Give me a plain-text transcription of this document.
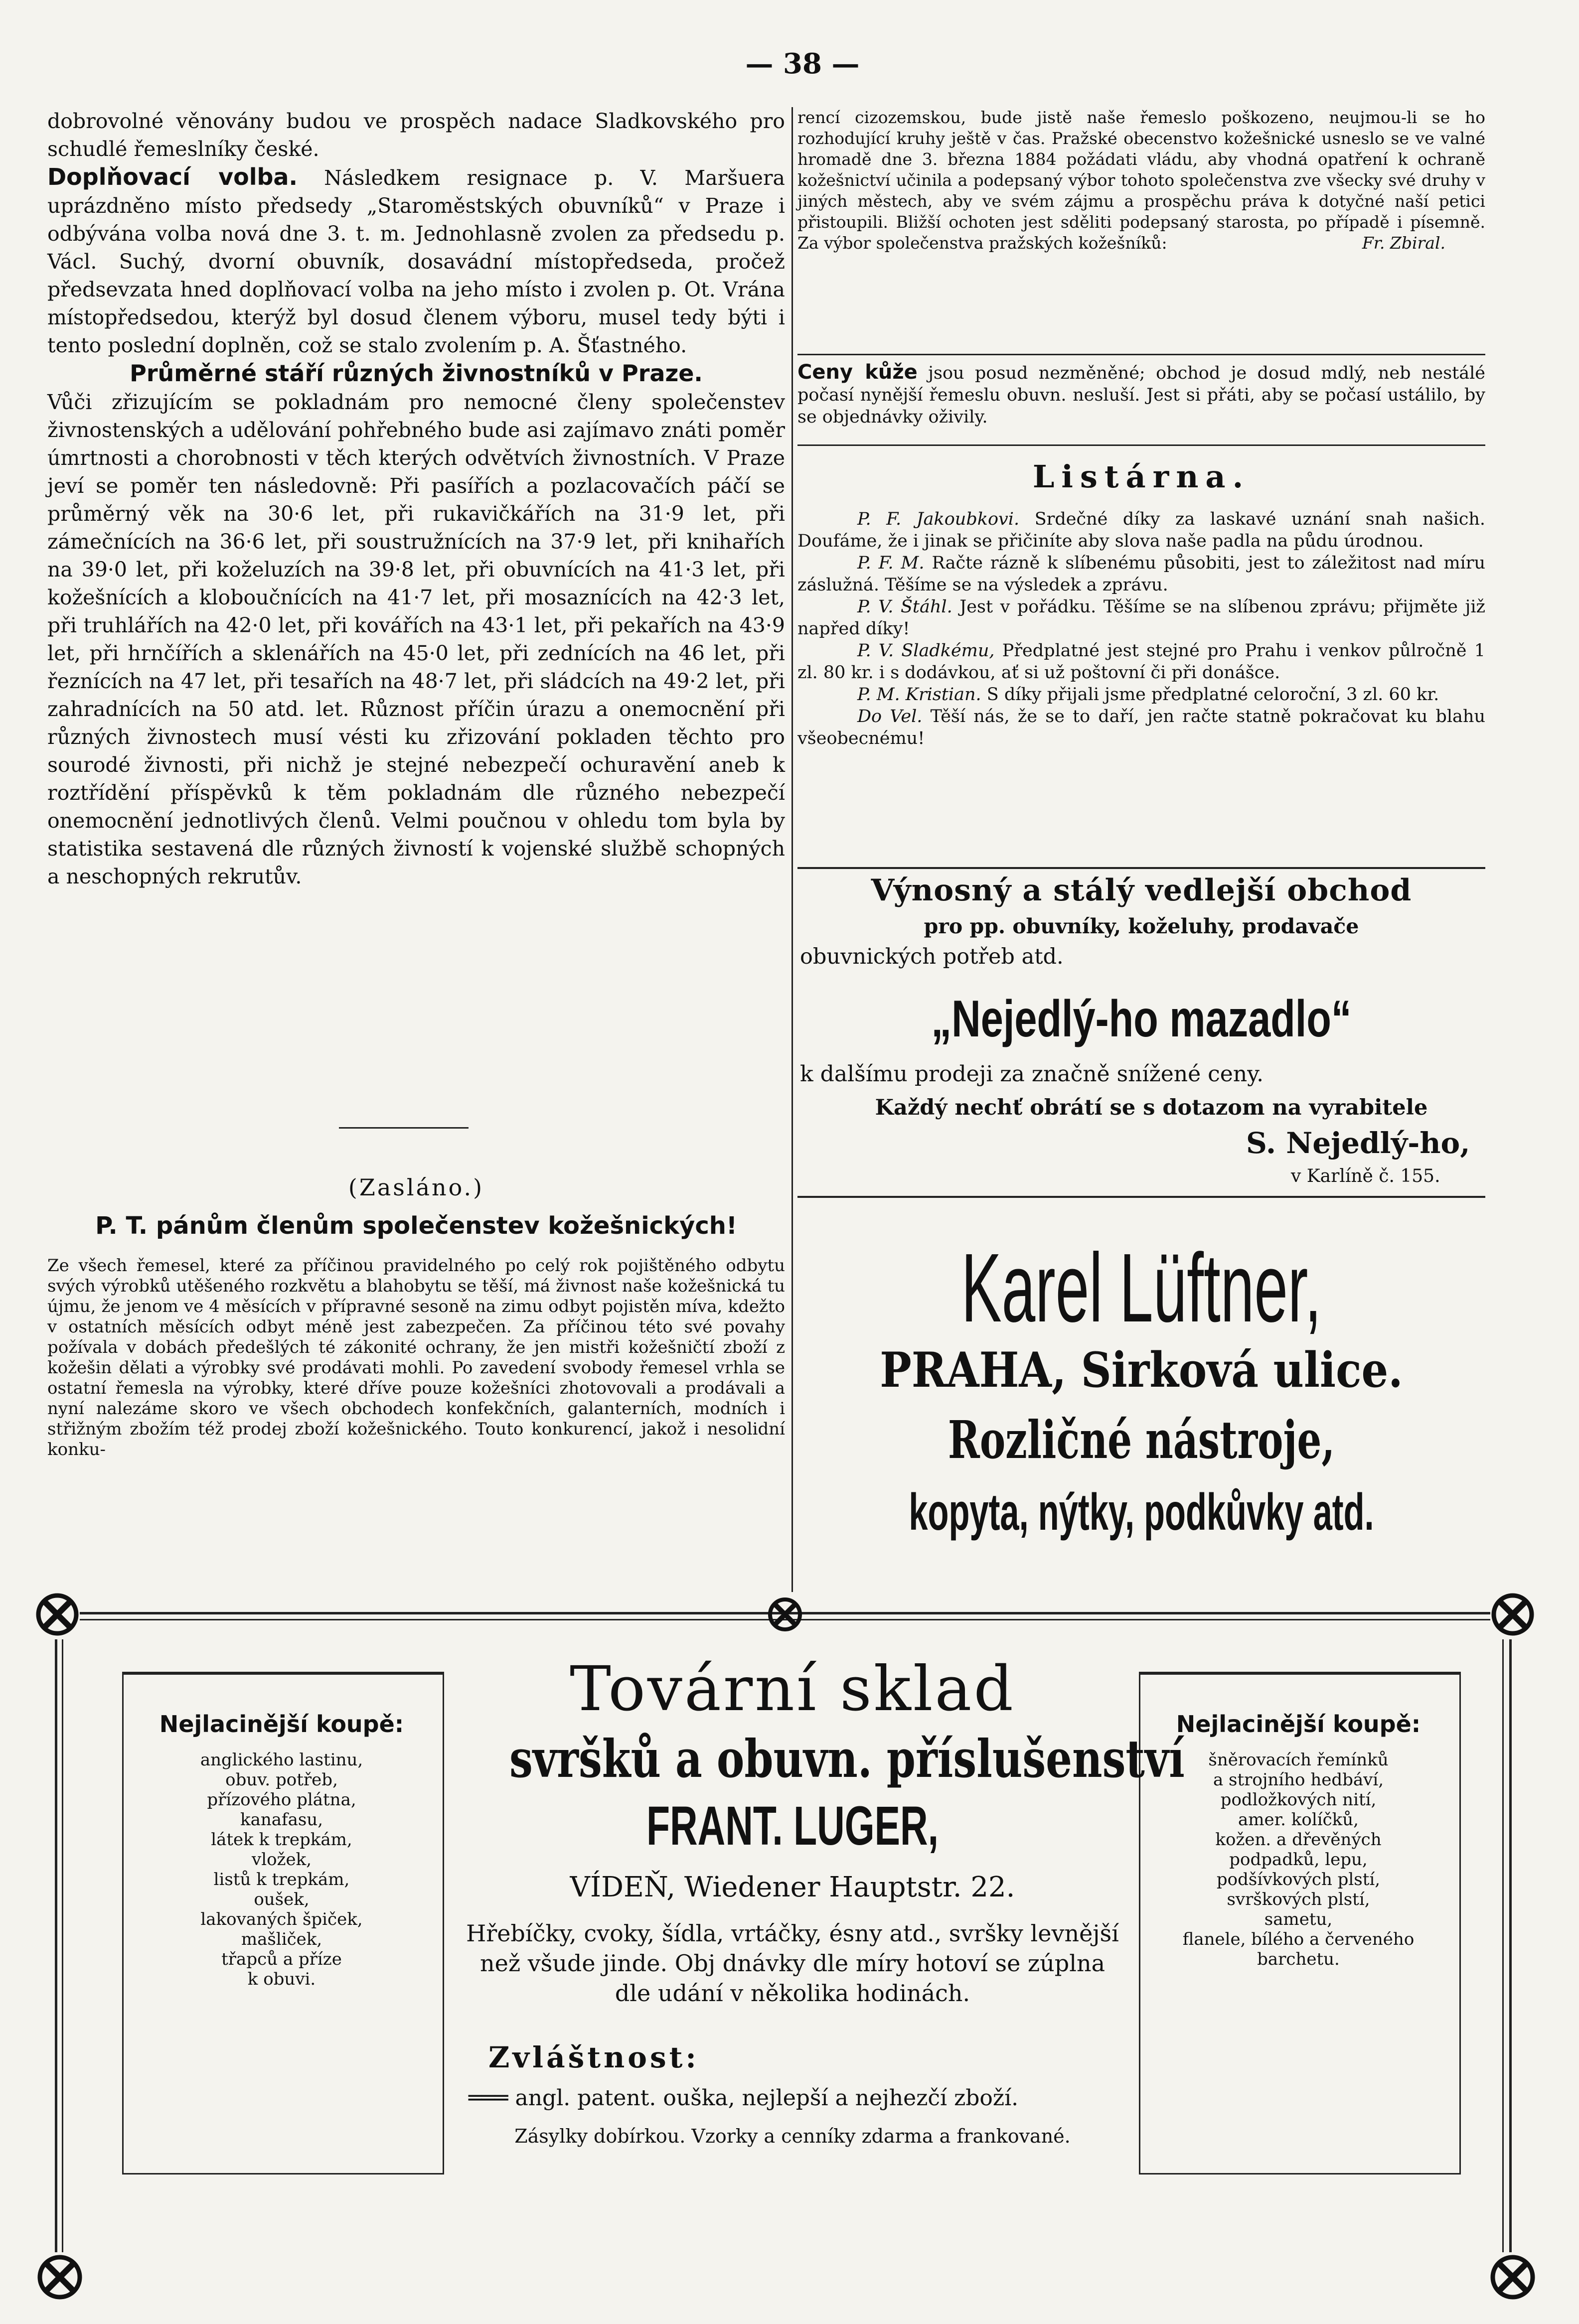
— 38 —

dobrovolné věnovány budou ve prospěch nadace Sladkovského pro schudlé řemeslníky české.

Doplňovací volba. Následkem resignace p. V. Maršuera uprázdněno místo předsedy „Staroměstských obuvníků“ v Praze i odbývána volba nová dne 3. t. m. Jednohlasně zvolen za předsedu p. Václ. Suchý, dvorní obuvník, dosavádní místopředseda, pročež předsevzata hned doplňovací volba na jeho místo i zvolen p. Ot. Vrána místopředsedou, kterýž byl dosud členem výboru, musel tedy býti i tento poslední doplněn, což se stalo zvolením p. A. Šťastného.

Průměrné stáří různých živnostníků v Praze.

Vůči zřizujícím se pokladnám pro nemocné členy společenstev živnostenských a udělování pohřebného bude asi zajímavo znáti poměr úmrtnosti a chorobnosti v těch kterých odvětvích živnostních. V Praze jeví se poměr ten následovně: Při pasířích a pozlacovačích páčí se průměrný věk na 30·6 let, při rukavičkářích na 31·9 let, při zámečnících na 36·6 let, při soustružnících na 37·9 let, při knihařích na 39·0 let, při koželuzích na 39·8 let, při obuvnících na 41·3 let, při kožešnících a kloboučnících na 41·7 let, při mosaznících na 42·3 let, při truhlářích na 42·0 let, při kovářích na 43·1 let, při pekařích na 43·9 let, při hrnčířích a sklenářích na 45·0 let, při zednících na 46 let, při řeznících na 47 let, při tesařích na 48·7 let, při sládcích na 49·2 let, při zahradnících na 50 atd. let. Různost příčin úrazu a onemocnění při různých živnostech musí vésti ku zřizování pokladen těchto pro sourodé živnosti, při nichž je stejné nebezpečí ochuravění aneb k roztřídění příspěvků k těm pokladnám dle různého nebezpečí onemocnění jednotlivých členů. Velmi poučnou v ohledu tom byla by statistika sestavená dle různých živností k vojenské službě schopných a neschopných rekrutův.

(Zasláno.)
P. T. pánům členům společenstev kožešnických!
Ze všech řemesel, které za příčinou pravidelného po celý rok pojištěného odbytu svých výrobků utěšeného rozkvětu a blahobytu se těší, má živnost naše kožešnická tu újmu, že jenom ve 4 měsících v přípravné sesoně na zimu odbyt pojistěn míva, kdežto v ostatních měsících odbyt méně jest zabezpečen. Za příčinou této své povahy požívala v dobách předešlých té zákonité ochrany, že jen mistři kožešničtí zboží z kožešin dělati a výrobky své prodávati mohli. Po zavedení svobody řemesel vrhla se ostatní řemesla na výrobky, které dříve pouze kožešníci zhotovovali a prodávali a nyní nalezáme skoro ve všech obchodech konfekčních, galanterních, modních i střižným zbožím též prodej zboží kožešnického. Touto konkurencí, jakož i nesolidní konku-

rencí cizozemskou, bude jistě naše řemeslo poškozeno, neujmou-li se ho rozhodující kruhy ještě v čas. Pražské obecenstvo kožešnické usneslo se ve valné hromadě dne 3. března 1884 požádati vládu, aby vhodná opatření k ochraně kožešnictví učinila a podepsaný výbor tohoto společenstva zve všecky své druhy v jiných městech, aby ve svém zájmu a prospěchu práva k dotyčné naší petici přistoupili. Bližší ochoten jest sděliti podepsaný starosta, po případě i písemně. Za výbor společenstva pražských kožešníků:	Fr. Zbiral.

Ceny kůže jsou posud nezměněné; obchod je dosud mdlý, neb nestálé počasí nynější řemeslu obuvn. nesluší. Jest si přáti, aby se počasí ustálilo, by se objednávky oživily.

Listárna.

P. F. Jakoubkovi. Srdečné díky za laskavé uznání snah našich. Doufáme, že i jinak se přičiníte aby slova naše padla na půdu úrodnou.

P. F. M. Račte rázně k slíbenému působiti, jest to záležitost nad míru záslužná. Těšíme se na výsledek a zprávu.

P. V. Štáhl. Jest v pořádku. Těšíme se na slíbenou zprávu; přijměte již napřed díky!

P. V. Sladkému, Předplatné jest stejné pro Prahu i venkov půlročně 1 zl. 80 kr. i s dodávkou, ať si už poštovní či při donášce.

P. M. Kristian. S díky přijali jsme předplatné celoroční, 3 zl. 60 kr.

Do Vel. Těší nás, že se to daří, jen račte statně pokračovat ku blahu všeobecnému!

Výnosný a stálý vedlejší obchod
pro pp. obuvníky, koželuhy, prodavače
obuvnických potřeb atd.
„Nejedlý-ho mazadlo“
k dalšímu prodeji za značně snížené ceny.
Každý nechť obrátí se s dotazom na vyrabitele
S. Nejedlý-ho,
v Karlíně č. 155.
Karel Lüftner,
PRAHA, Sirková ulice.
Rozličné nástroje,
kopyta, nýtky, podkůvky atd.

Nejlacinější koupě:

anglického lastinu,

obuv. potřeb,

přízového plátna,

kanafasu,

látek k trepkám,

vložek,

listů k trepkám,

oušek,

lakovaných špiček,

mašliček,

třapců a příze

k obuvi.

Nejlacinější koupě:

šněrovacích řemínků

a strojního hedbáví,

podložkových nití,

amer. kolíčků,

kožen. a dřevěných

podpadků, lepu,

podšívkových plstí,

svrškových plstí,

sametu,

flanele, bílého a červeného

barchetu.

Tovární sklad
svršků a obuvn. příslušenství
FRANT. LUGER,
VÍDEŇ, Wiedener Hauptstr. 22.
Hřebíčky, cvoky, šídla, vrtáčky, ésny atd., svršky levnější než všude jinde. Obj dnávky dle míry hotoví se zúplna dle udání v několika hodinách.
Zvláštnost:
═══ angl. patent. ouška, nejlepší a nejhezčí zboží.
Zásylky dobírkou. Vzorky a cenníky zdarma a frankované.
